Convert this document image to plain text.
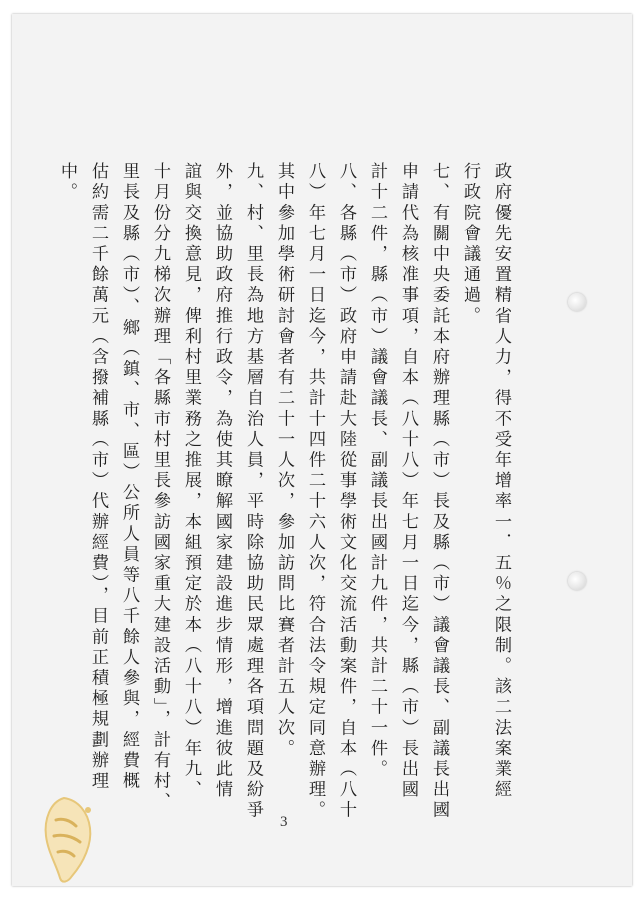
政府優先安置精省人力，得不受年增率一．五％之限制。該二法案業經
行政院會議通過。
七、有關中央委託本府辦理縣（市）長及縣（市）議會議長、副議長出國
申請代為核准事項，自本（八十八）年七月一日迄今，縣（市）長出國
計十二件，縣（市）議會議長、副議長出國計九件，共計二十一件。
八、各縣（市）政府申請赴大陸從事學術文化交流活動案件，自本（八十
八）年七月一日迄今，共計十四件二十六人次，符合法令規定同意辦理。
其中參加學術研討會者有二十一人次，參加訪問比賽者計五人次。
九、村、里長為地方基層自治人員，平時除協助民眾處理各項問題及紛爭
外，並協助政府推行政令，為使其瞭解國家建設進步情形，增進彼此情
誼與交換意見，俾利村里業務之推展，本組預定於本（八十八）年九、
十月份分九梯次辦理「各縣市村里長參訪國家重大建設活動」，計有村、
里長及縣（市）、鄉（鎮、市、區）公所人員等八千餘人參與，經費概
估約需二千餘萬元（含撥補縣（市）代辦經費），目前正積極規劃辦理
中。
3
